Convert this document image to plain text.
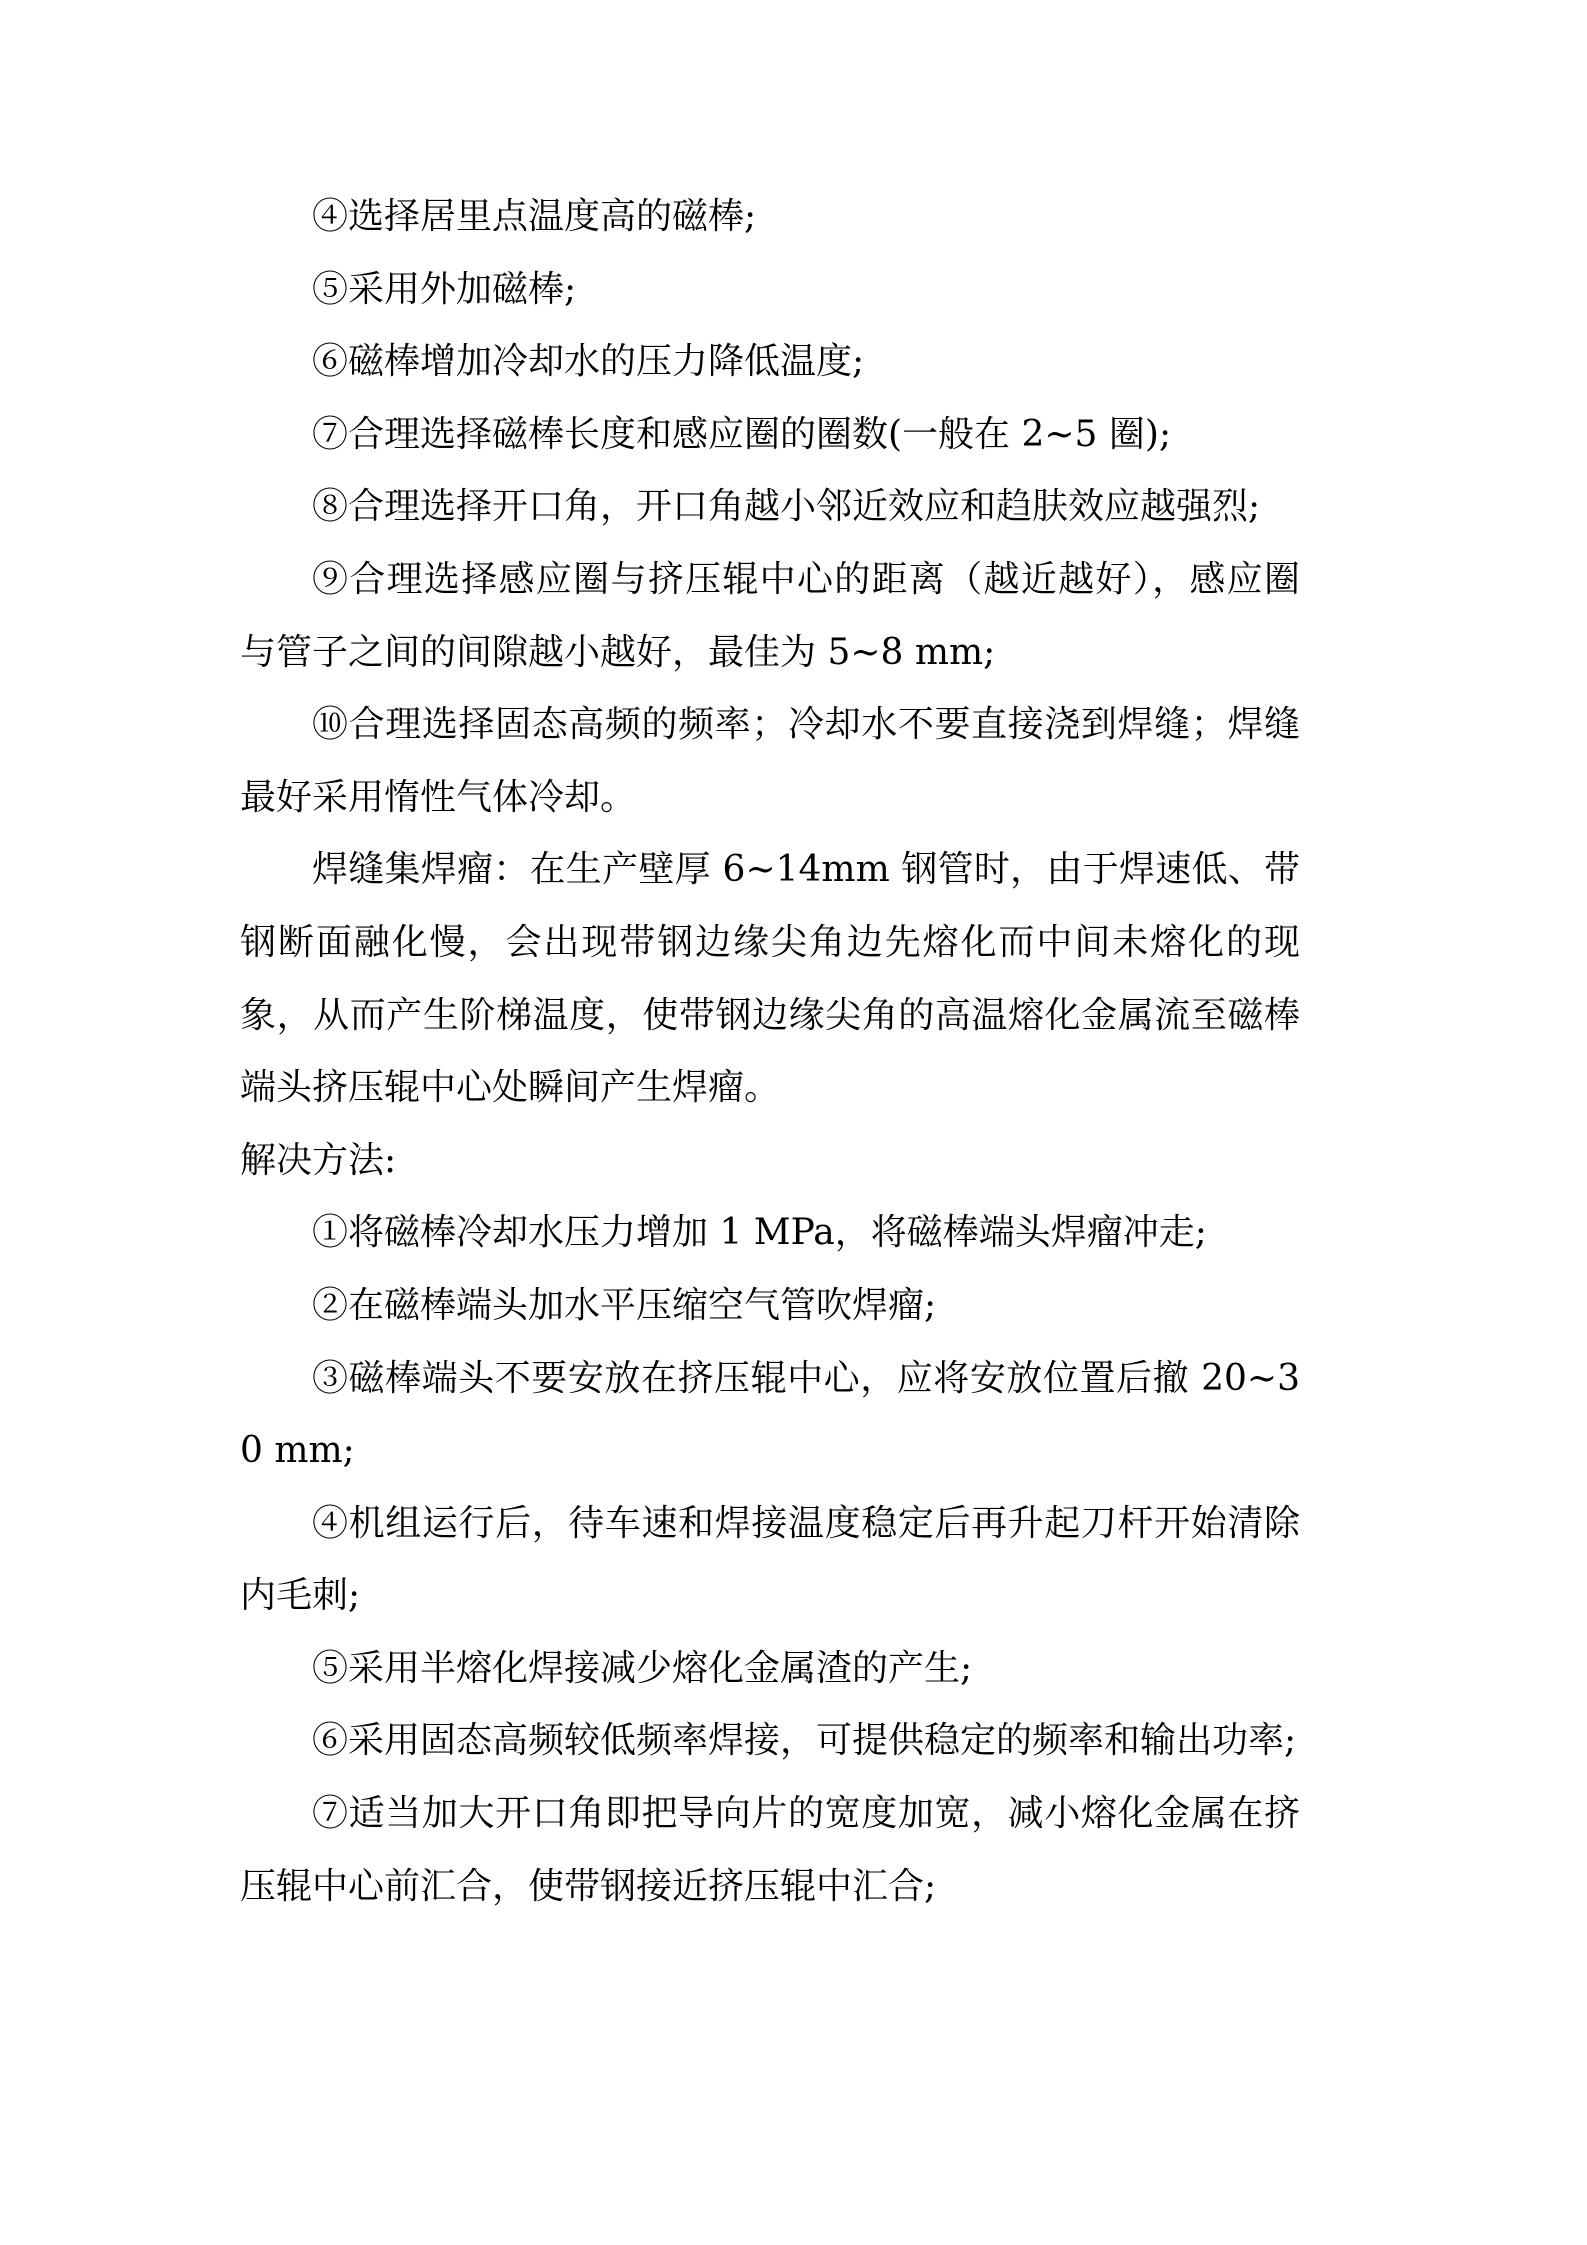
④选择居里点温度高的磁棒;

⑤采用外加磁棒;

⑥磁棒增加冷却水的压力降低温度;

⑦合理选择磁棒长度和感应圈的圈数(一般在 2~5 圈);

⑧合理选择开口角，开口角越小邻近效应和趋肤效应越强烈;

⑨合理选择感应圈与挤压辊中心的距离（越近越好），感应圈与管子之间的间隙越小越好，最佳为 5~8 mm;

⑩合理选择固态高频的频率；冷却水不要直接浇到焊缝；焊缝最好采用惰性气体冷却。

焊缝集焊瘤：在生产壁厚 6~14mm 钢管时，由于焊速低、带钢断面融化慢，会出现带钢边缘尖角边先熔化而中间未熔化的现象，从而产生阶梯温度，使带钢边缘尖角的高温熔化金属流至磁棒端头挤压辊中心处瞬间产生焊瘤。

解决方法:

①将磁棒冷却水压力增加 1 MPa，将磁棒端头焊瘤冲走;

②在磁棒端头加水平压缩空气管吹焊瘤;

③磁棒端头不要安放在挤压辊中心，应将安放位置后撤 20~30 mm;

④机组运行后，待车速和焊接温度稳定后再升起刀杆开始清除内毛刺;

⑤采用半熔化焊接减少熔化金属渣的产生;

⑥采用固态高频较低频率焊接，可提供稳定的频率和输出功率;

⑦适当加大开口角即把导向片的宽度加宽，减小熔化金属在挤压辊中心前汇合，使带钢接近挤压辊中汇合;
